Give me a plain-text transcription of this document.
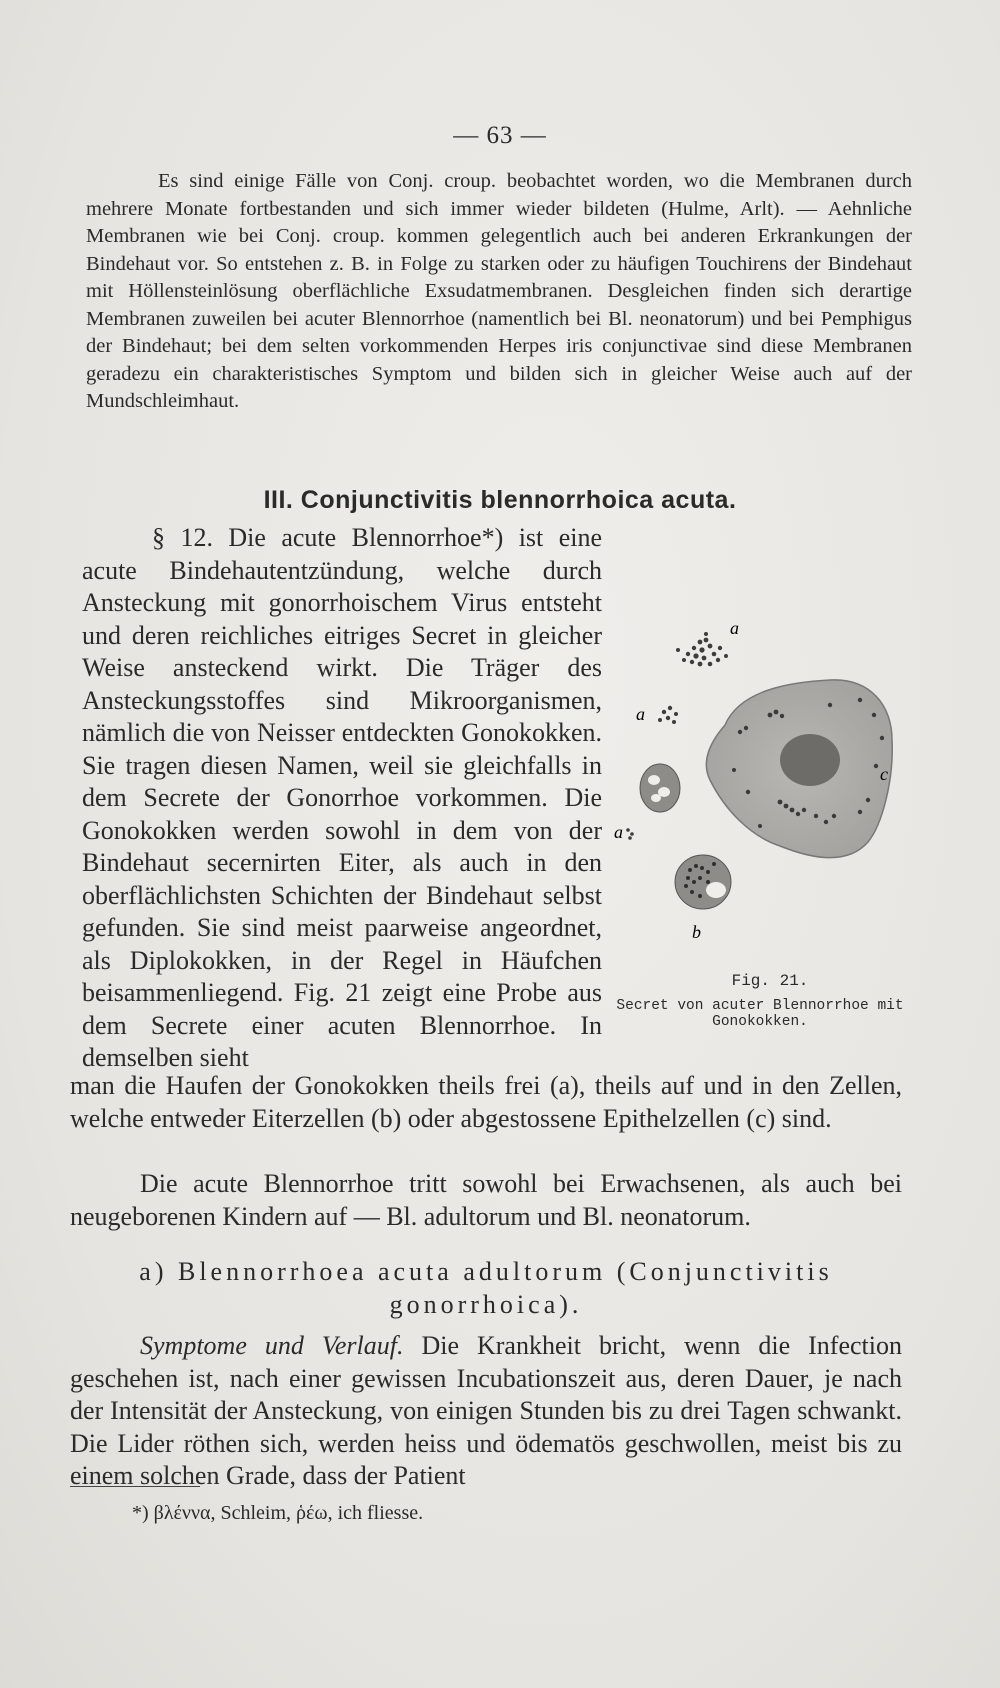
— 63 —

Es sind einige Fälle von Conj. croup. beobachtet worden, wo die Membranen durch mehrere Monate fortbestanden und sich immer wieder bildeten (Hulme, Arlt). — Aehnliche Membranen wie bei Conj. croup. kommen gelegentlich auch bei anderen Erkrankungen der Bindehaut vor. So entstehen z. B. in Folge zu starken oder zu häufigen Touchirens der Bindehaut mit Höllensteinlösung oberflächliche Exsudatmembranen. Desgleichen finden sich derartige Membranen zuweilen bei acuter Blennorrhoe (namentlich bei Bl. neonatorum) und bei Pemphigus der Bindehaut; bei dem selten vorkommenden Herpes iris conjunctivae sind diese Membranen geradezu ein charakteristisches Symptom und bilden sich in gleicher Weise auch auf der Mundschleimhaut.

III. Conjunctivitis blennorrhoica acuta.

§ 12. Die acute Blennorrhoe*) ist eine acute Bindehautentzündung, welche durch Ansteckung mit gonorrhoischem Virus entsteht und deren reichliches eitriges Secret in gleicher Weise ansteckend wirkt. Die Träger des Ansteckungsstoffes sind Mikroorganismen, nämlich die von Neisser entdeckten Gonokokken. Sie tragen diesen Namen, weil sie gleichfalls in dem Secrete der Gonorrhoe vorkommen. Die Gonokokken werden sowohl in dem von der Bindehaut secernirten Eiter, als auch in den oberflächlichsten Schichten der Bindehaut selbst gefunden. Sie sind meist paarweise angeordnet, als Diplokokken, in der Regel in Häufchen beisammenliegend. Fig. 21 zeigt eine Probe aus dem Secrete einer acuten Blennorrhoe. In demselben sieht

man die Haufen der Gonokokken theils frei (a), theils auf und in den Zellen, welche entweder Eiterzellen (b) oder abgestossene Epithelzellen (c) sind.

Die acute Blennorrhoe tritt sowohl bei Erwachsenen, als auch bei neugeborenen Kindern auf — Bl. adultorum und Bl. neonatorum.

a) Blennorrhoea acuta adultorum (Conjunctivitis gonorrhoica).

Symptome und Verlauf. Die Krankheit bricht, wenn die Infection geschehen ist, nach einer gewissen Incubationszeit aus, deren Dauer, je nach der Intensität der Ansteckung, von einigen Stunden bis zu drei Tagen schwankt. Die Lider röthen sich, werden heiss und ödematös geschwollen, meist bis zu einem solchen Grade, dass der Patient

*) βλέννα, Schleim, ῥέω, ich fliesse.
a
a
a
b
c
Fig. 21.
Secret von acuter Blennorrhoe mit Gonokokken.
